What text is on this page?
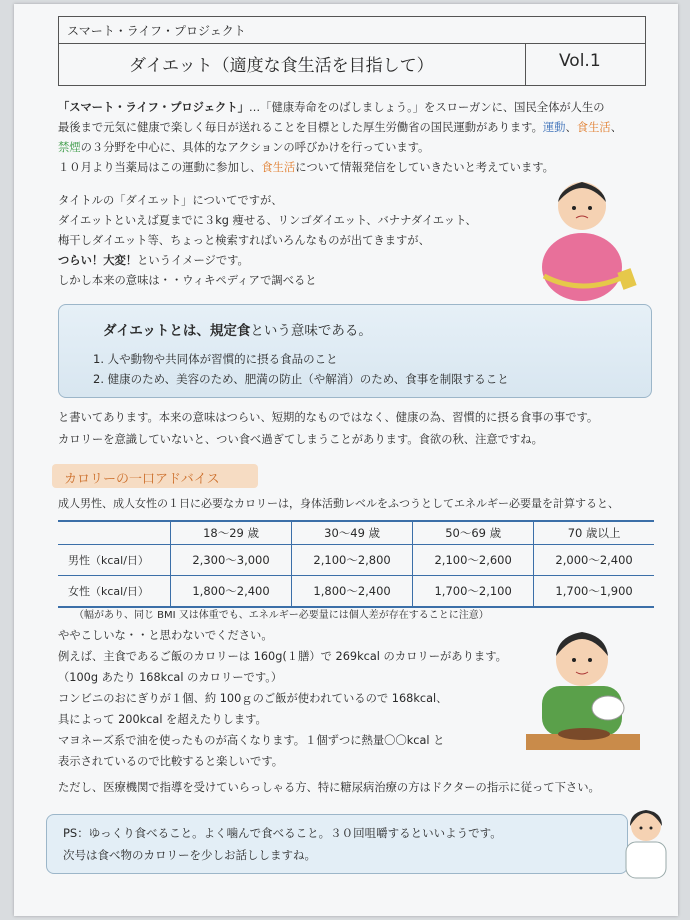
スマート・ライフ・プロジェクト
ダイエット（適度な食生活を目指して）	Vol.1
「スマート・ライフ・プロジェクト」…「健康寿命をのばしましょう。」をスローガンに、国民全体が人生の
最後まで元気に健康で楽しく毎日が送れることを目標とした厚生労働省の国民運動があります。運動、食生活、
禁煙の３分野を中心に、具体的なアクションの呼びかけを行っています。
１０月より当薬局はこの運動に参加し、食生活について情報発信をしていきたいと考えています。
タイトルの「ダイエット」についてですが、
ダイエットといえば夏までに３kg 痩せる、リンゴダイエット、バナナダイエット、
梅干しダイエット等、ちょっと検索すればいろんなものが出てきますが、
つらい！大変！というイメージです。
しかし本来の意味は・・ウィキペディアで調べると
ダイエットとは、規定食という意味である。
1. 人や動物や共同体が習慣的に摂る食品のこと
2. 健康のため、美容のため、肥満の防止（や解消）のため、食事を制限すること
と書いてあります。本来の意味はつらい、短期的なものではなく、健康の為、習慣的に摂る食事の事です。
カロリーを意識していないと、つい食べ過ぎてしまうことがあります。食欲の秋、注意ですね。
カロリーの一口アドバイス
成人男性、成人女性の１日に必要なカロリーは，身体活動レベルをふつうとしてエネルギー必要量を計算すると、
	18～29 歳	30～49 歳	50～69 歳	70 歳以上
男性（kcal/日）	2,300～3,000	2,100～2,800	2,100～2,600	2,000～2,400
女性（kcal/日）	1,800～2,400	1,800～2,400	1,700～2,100	1,700～1,900
（幅があり、同じ BMI 又は体重でも、エネルギー必要量には個人差が存在することに注意）
ややこしいな・・と思わないでください。
例えば、主食であるご飯のカロリーは 160g(１膳）で 269kcal のカロリーがあります。
（100g あたり 168kcal のカロリーです。）
コンビニのおにぎりが１個、約 100ｇのご飯が使われているので 168kcal、
具によって 200kcal を超えたりします。
マヨネーズ系で油を使ったものが高くなります。１個ずつに熱量〇〇kcal と
表示されているので比較すると楽しいです。
ただし、医療機関で指導を受けていらっしゃる方、特に糖尿病治療の方はドクターの指示に従って下さい。
PS：ゆっくり食べること。よく噛んで食べること。３０回咀嚼するといいようです。
次号は食べ物のカロリーを少しお話ししますね。
